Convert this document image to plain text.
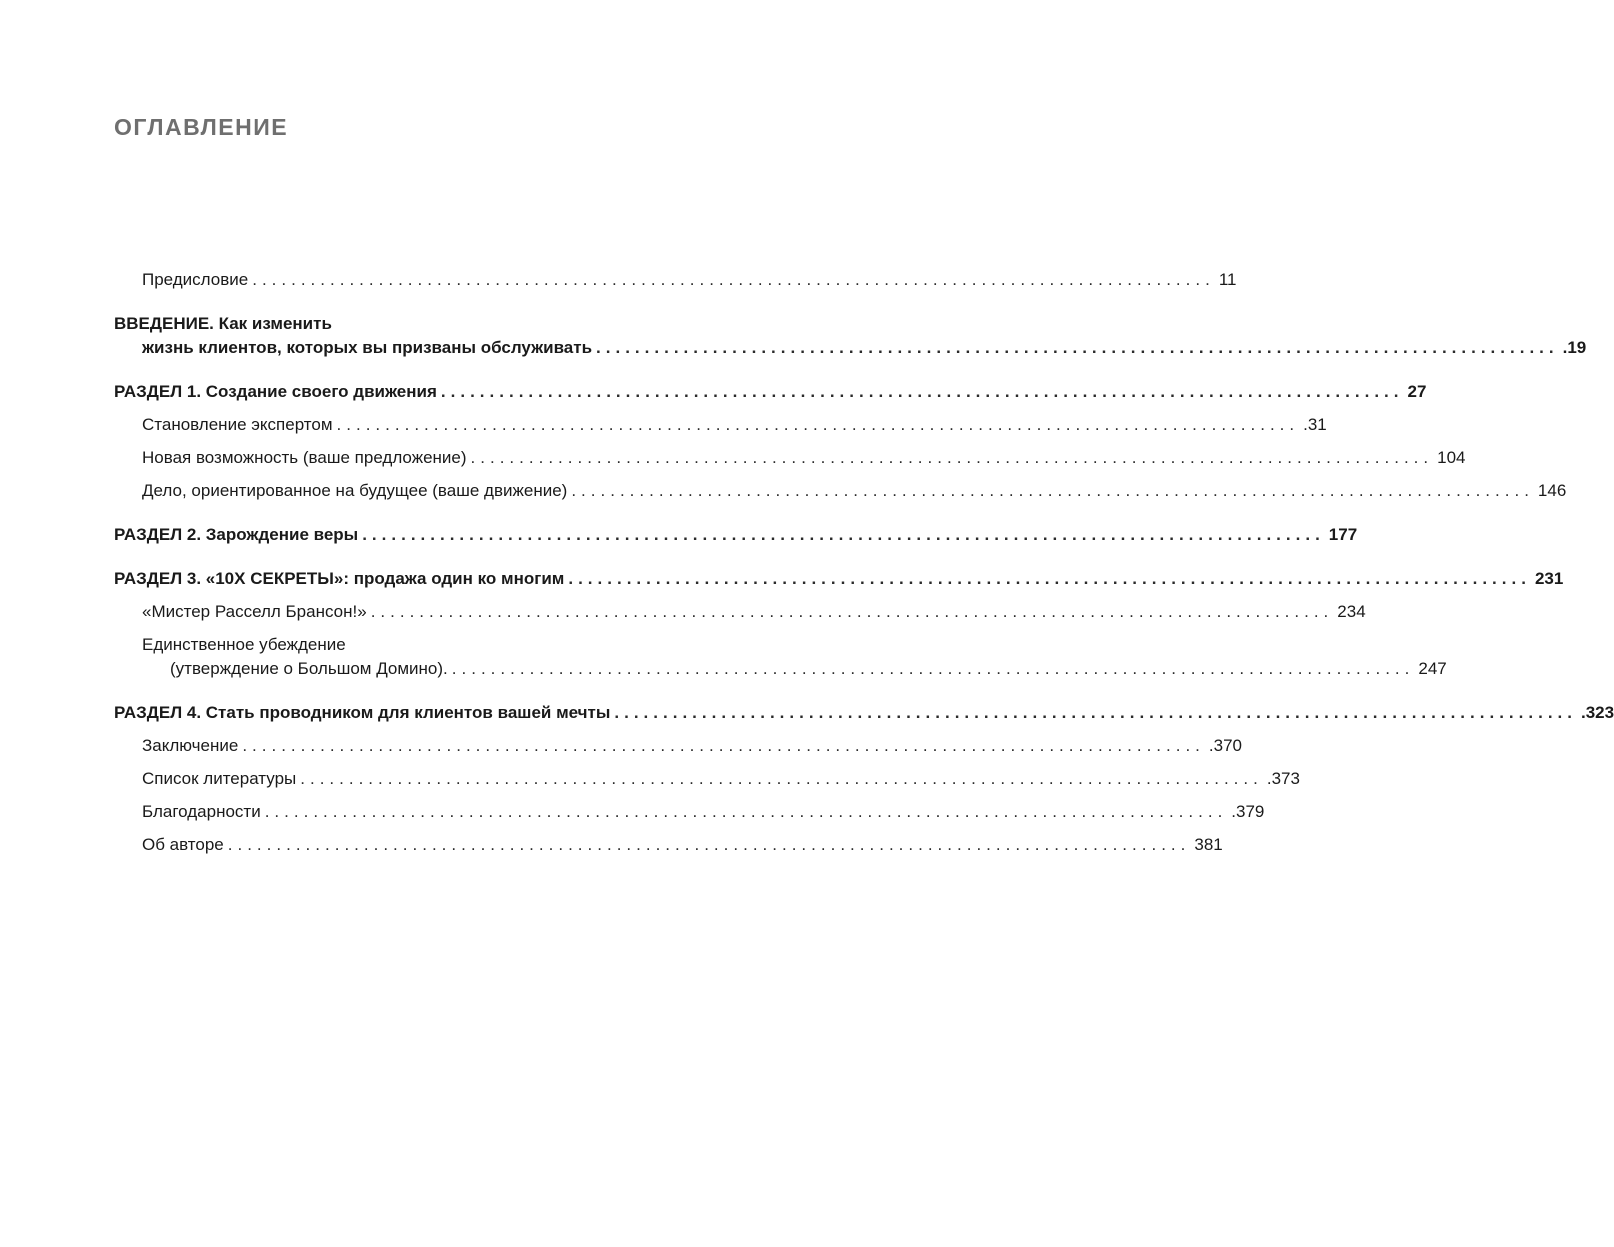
ОГЛАВЛЕНИЕ
Предисловие ................................................................................................... 11
ВВЕДЕНИЕ. Как изменить
жизнь клиентов, которых вы призваны обслуживать ................................................................................................... .19
РАЗДЕЛ 1. Создание своего движения ................................................................................................... 27
Становление экспертом ................................................................................................... .31
Новая возможность (ваше предложение) ................................................................................................... 104
Дело, ориентированное на будущее (ваше движение) ................................................................................................... 146
РАЗДЕЛ 2. Зарождение веры ................................................................................................... 177
РАЗДЕЛ 3. «10X СЕКРЕТЫ»: продажа один ко многим ................................................................................................... 231
«Мистер Расселл Брансон!» ................................................................................................... 234
Единственное убеждение
(утверждение о Большом Домино). ................................................................................................... 247
РАЗДЕЛ 4. Стать проводником для клиентов вашей мечты ................................................................................................... .323
Заключение ................................................................................................... .370
Список литературы ................................................................................................... .373
Благодарности ................................................................................................... .379
Об авторе ................................................................................................... 381
